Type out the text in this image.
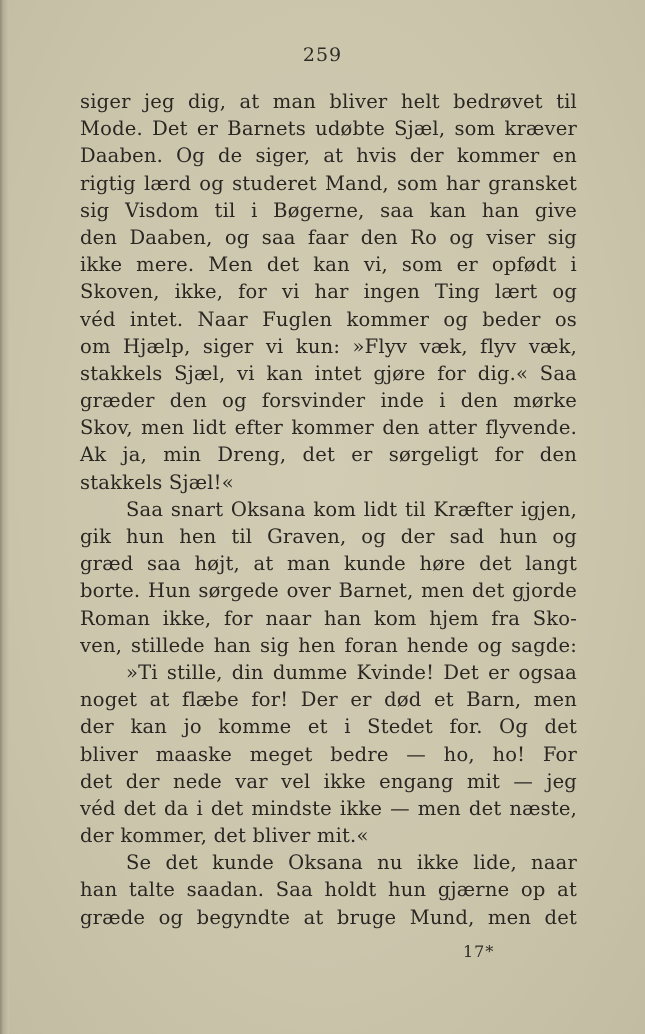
259
siger jeg dig, at man bliver helt bedrøvet til
Mode. Det er Barnets udøbte Sjæl, som kræver
Daaben. Og de siger, at hvis der kommer en
rigtig lærd og studeret Mand, som har gransket
sig Visdom til i Bøgerne, saa kan han give
den Daaben, og saa faar den Ro og viser sig
ikke mere. Men det kan vi, som er opfødt i
Skoven, ikke, for vi har ingen Ting lært og
véd intet. Naar Fuglen kommer og beder os
om Hjælp, siger vi kun: »Flyv væk, flyv væk,
stakkels Sjæl, vi kan intet gjøre for dig.« Saa
græder den og forsvinder inde i den mørke
Skov, men lidt efter kommer den atter flyvende.
Ak ja, min Dreng, det er sørgeligt for den
stakkels Sjæl!«
Saa snart Oksana kom lidt til Kræfter igjen,
gik hun hen til Graven, og der sad hun og
græd saa højt, at man kunde høre det langt
borte. Hun sørgede over Barnet, men det gjorde
Roman ikke, for naar han kom hjem fra Sko-
ven, stillede han sig hen foran hende og sagde:
»Ti stille, din dumme Kvinde! Det er ogsaa
noget at flæbe for! Der er død et Barn, men
der kan jo komme et i Stedet for. Og det
bliver maaske meget bedre — ho, ho! For
det der nede var vel ikke engang mit — jeg
véd det da i det mindste ikke — men det næste,
der kommer, det bliver mit.«
Se det kunde Oksana nu ikke lide, naar
han talte saadan. Saa holdt hun gjærne op at
græde og begyndte at bruge Mund, men det
17*
